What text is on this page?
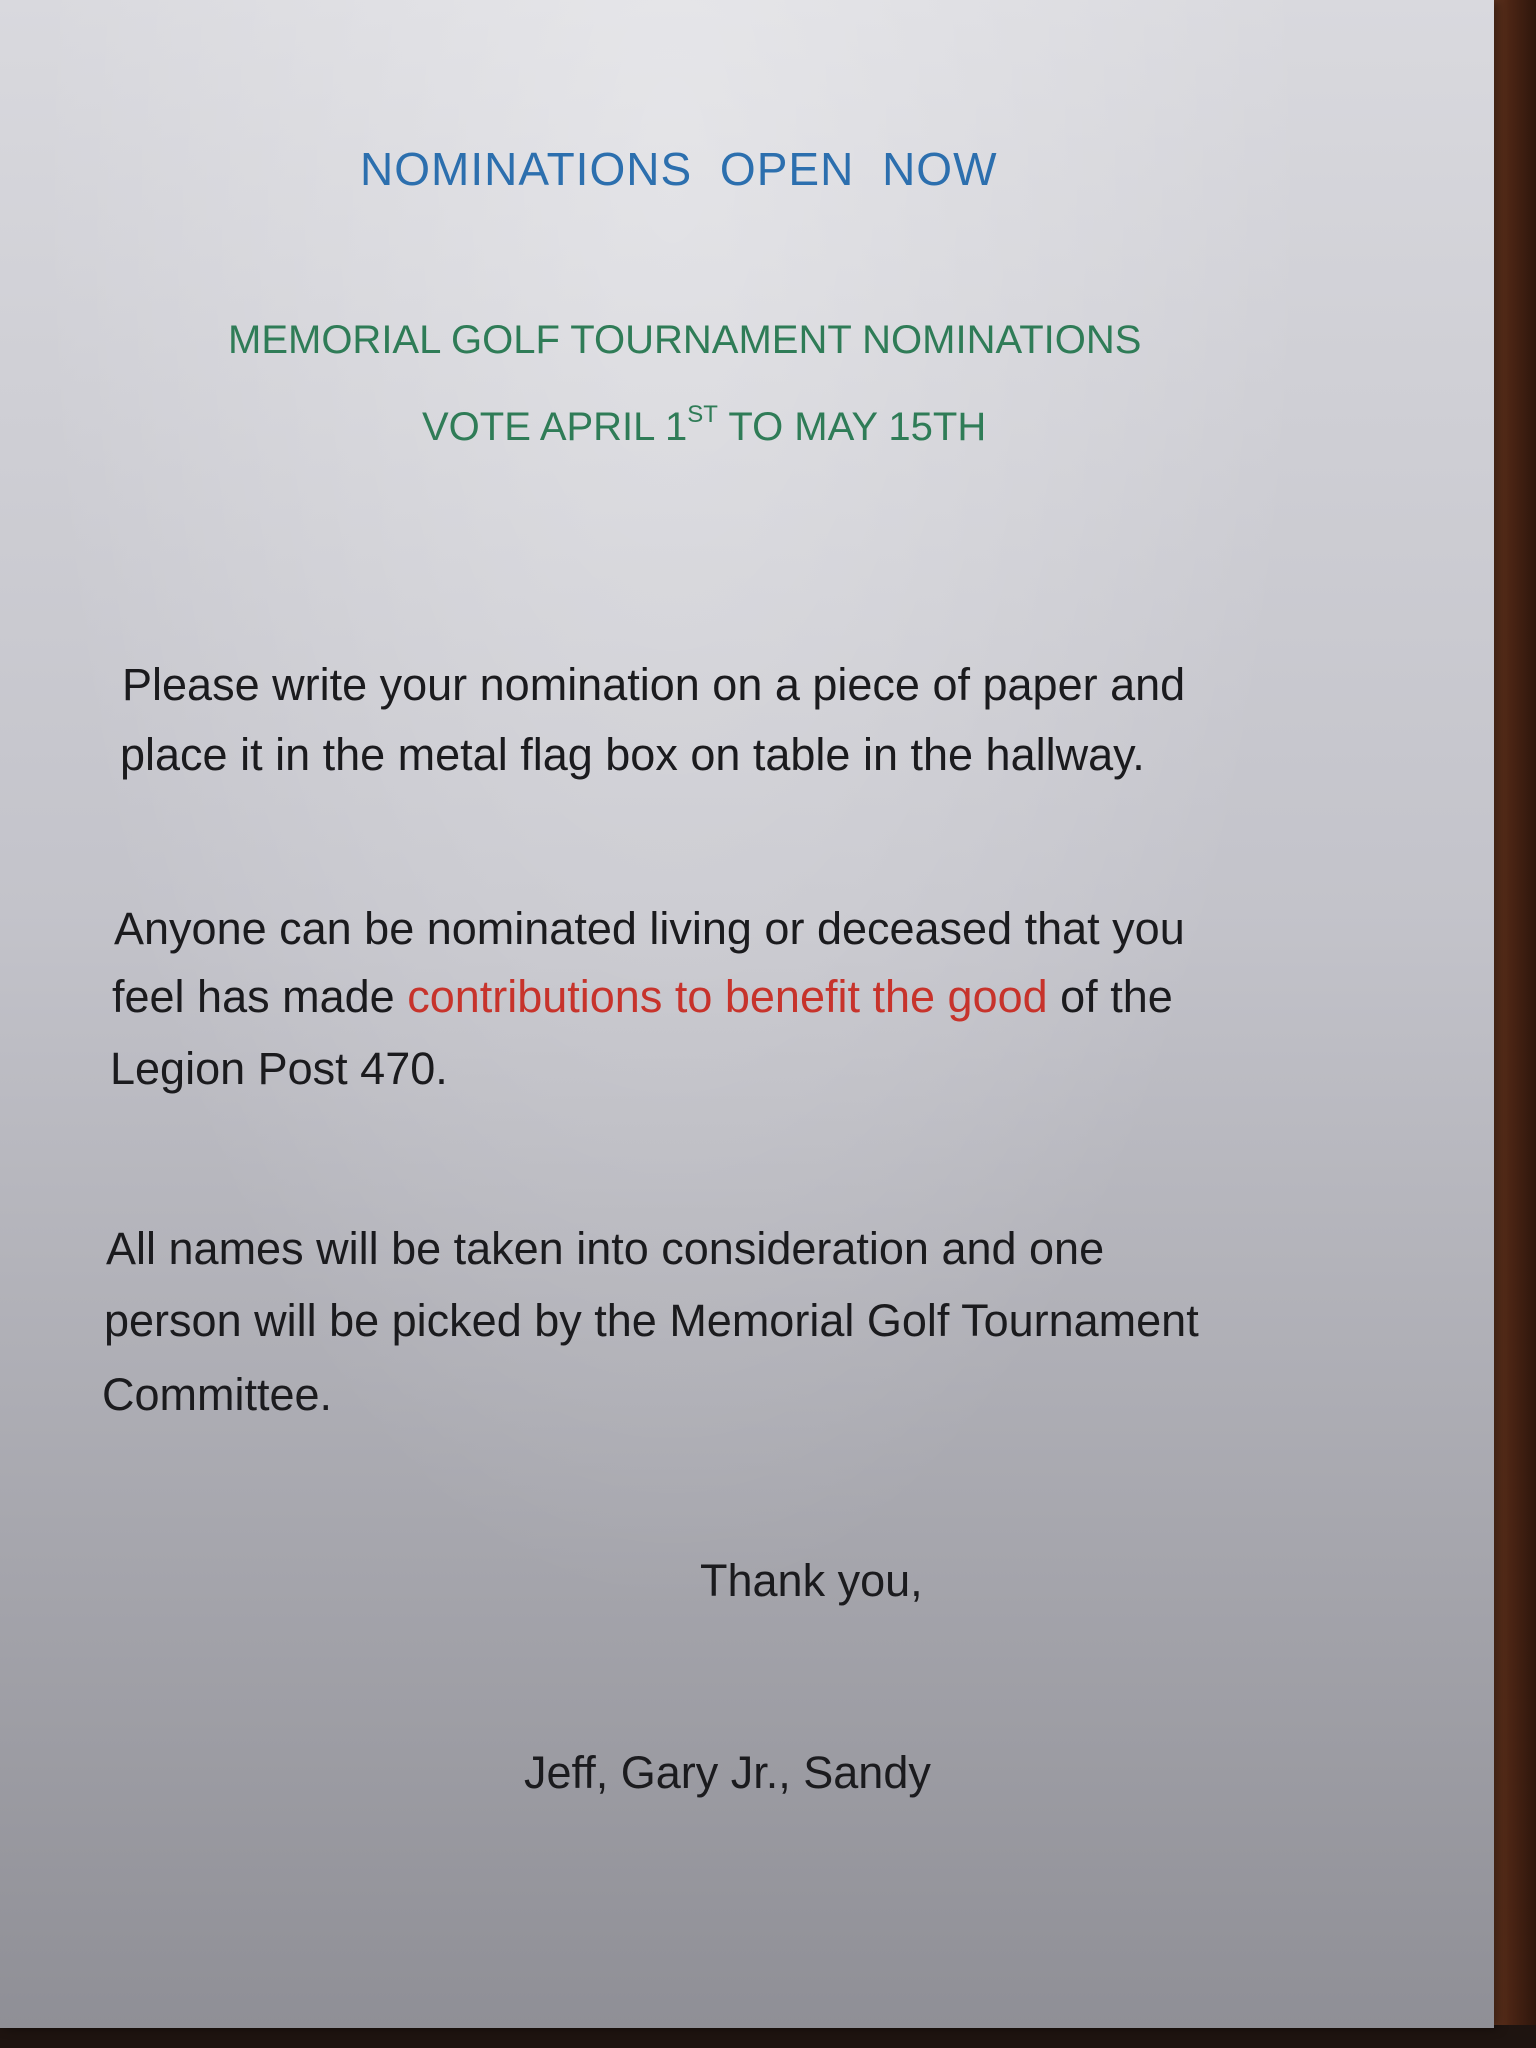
NOMINATIONS OPEN NOW
MEMORIAL GOLF TOURNAMENT NOMINATIONS
VOTE APRIL 1ST TO MAY 15TH
Please write your nomination on a piece of paper and
place it in the metal flag box on table in the hallway.
Anyone can be nominated living or deceased that you
feel has made contributions to benefit the good of the
Legion Post 470.
All names will be taken into consideration and one
person will be picked by the Memorial Golf Tournament
Committee.
Thank you,
Jeff, Gary Jr., Sandy
